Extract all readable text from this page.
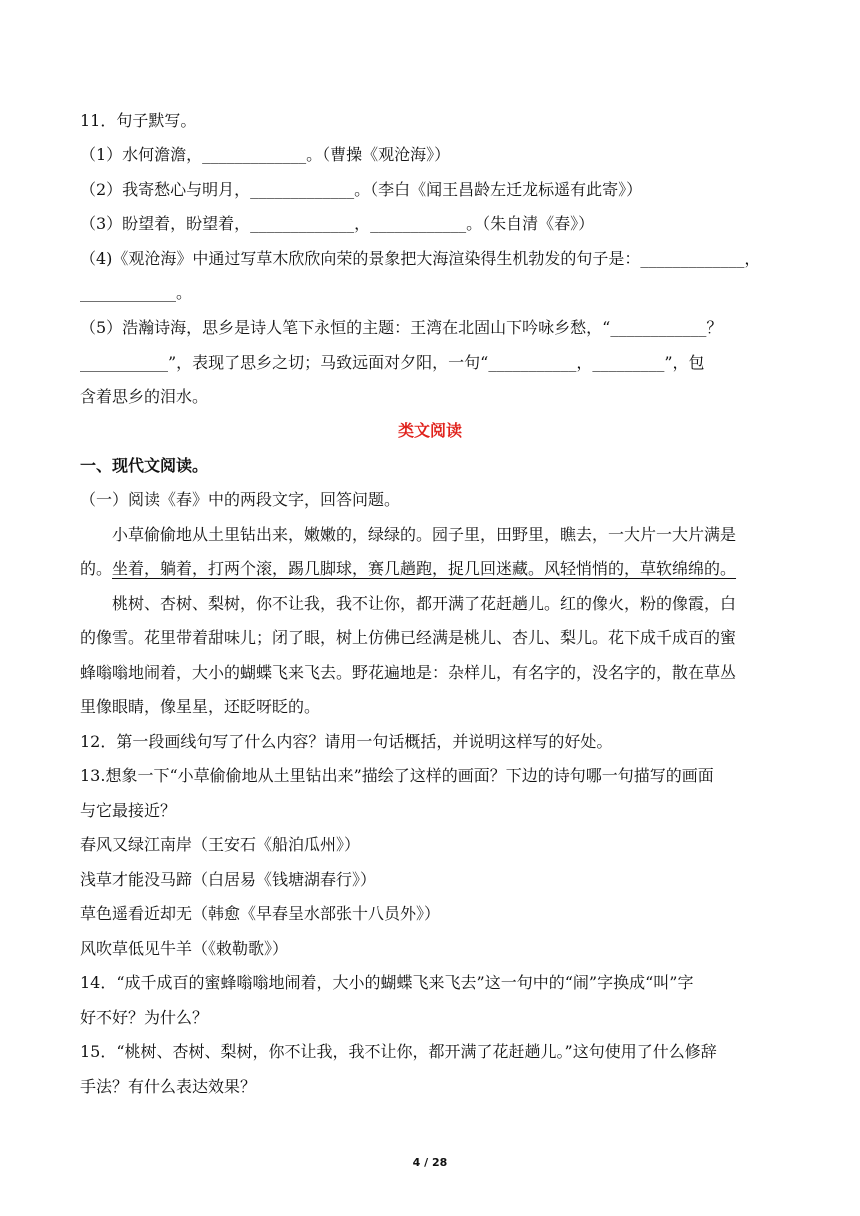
11．句子默写。
（1）水何澹澹，_____________。（曹操《观沧海》）
（2）我寄愁心与明月，_____________。（李白《闻王昌龄左迁龙标遥有此寄》）
（3）盼望着，盼望着，_____________，____________。（朱自清《春》）
（4)《观沧海》中通过写草木欣欣向荣的景象把大海渲染得生机勃发的句子是：_____________，
____________。
（5）浩瀚诗海，思乡是诗人笔下永恒的主题：王湾在北固山下吟咏乡愁，“____________？
___________”，表现了思乡之切；马致远面对夕阳，一句“___________，_________”，包
含着思乡的泪水。
类文阅读
一、现代文阅读。
（一）阅读《春》中的两段文字，回答问题。
小草偷偷地从土里钻出来，嫩嫩的，绿绿的。园子里，田野里，瞧去，一大片一大片满是
的。坐着，躺着，打两个滚，踢几脚球，赛几趟跑，捉几回迷藏。风轻悄悄的，草软绵绵的。
桃树、杏树、梨树，你不让我，我不让你，都开满了花赶趟儿。红的像火，粉的像霞，白
的像雪。花里带着甜味儿；闭了眼，树上仿佛已经满是桃儿、杏儿、梨儿。花下成千成百的蜜
蜂嗡嗡地闹着，大小的蝴蝶飞来飞去。野花遍地是：杂样儿，有名字的，没名字的，散在草丛
里像眼睛，像星星，还眨呀眨的。
12．第一段画线句写了什么内容？请用一句话概括，并说明这样写的好处。
13.想象一下“小草偷偷地从土里钻出来”描绘了这样的画面？下边的诗句哪一句描写的画面
与它最接近？
春风又绿江南岸（王安石《船泊瓜州》）
浅草才能没马蹄（白居易《钱塘湖春行》）
草色遥看近却无（韩愈《早春呈水部张十八员外》）
风吹草低见牛羊（《敕勒歌》）
14．“成千成百的蜜蜂嗡嗡地闹着，大小的蝴蝶飞来飞去”这一句中的“闹”字换成“叫”字
好不好？为什么？
15．“桃树、杏树、梨树，你不让我，我不让你，都开满了花赶趟儿。”这句使用了什么修辞
手法？有什么表达效果？
4 / 28
